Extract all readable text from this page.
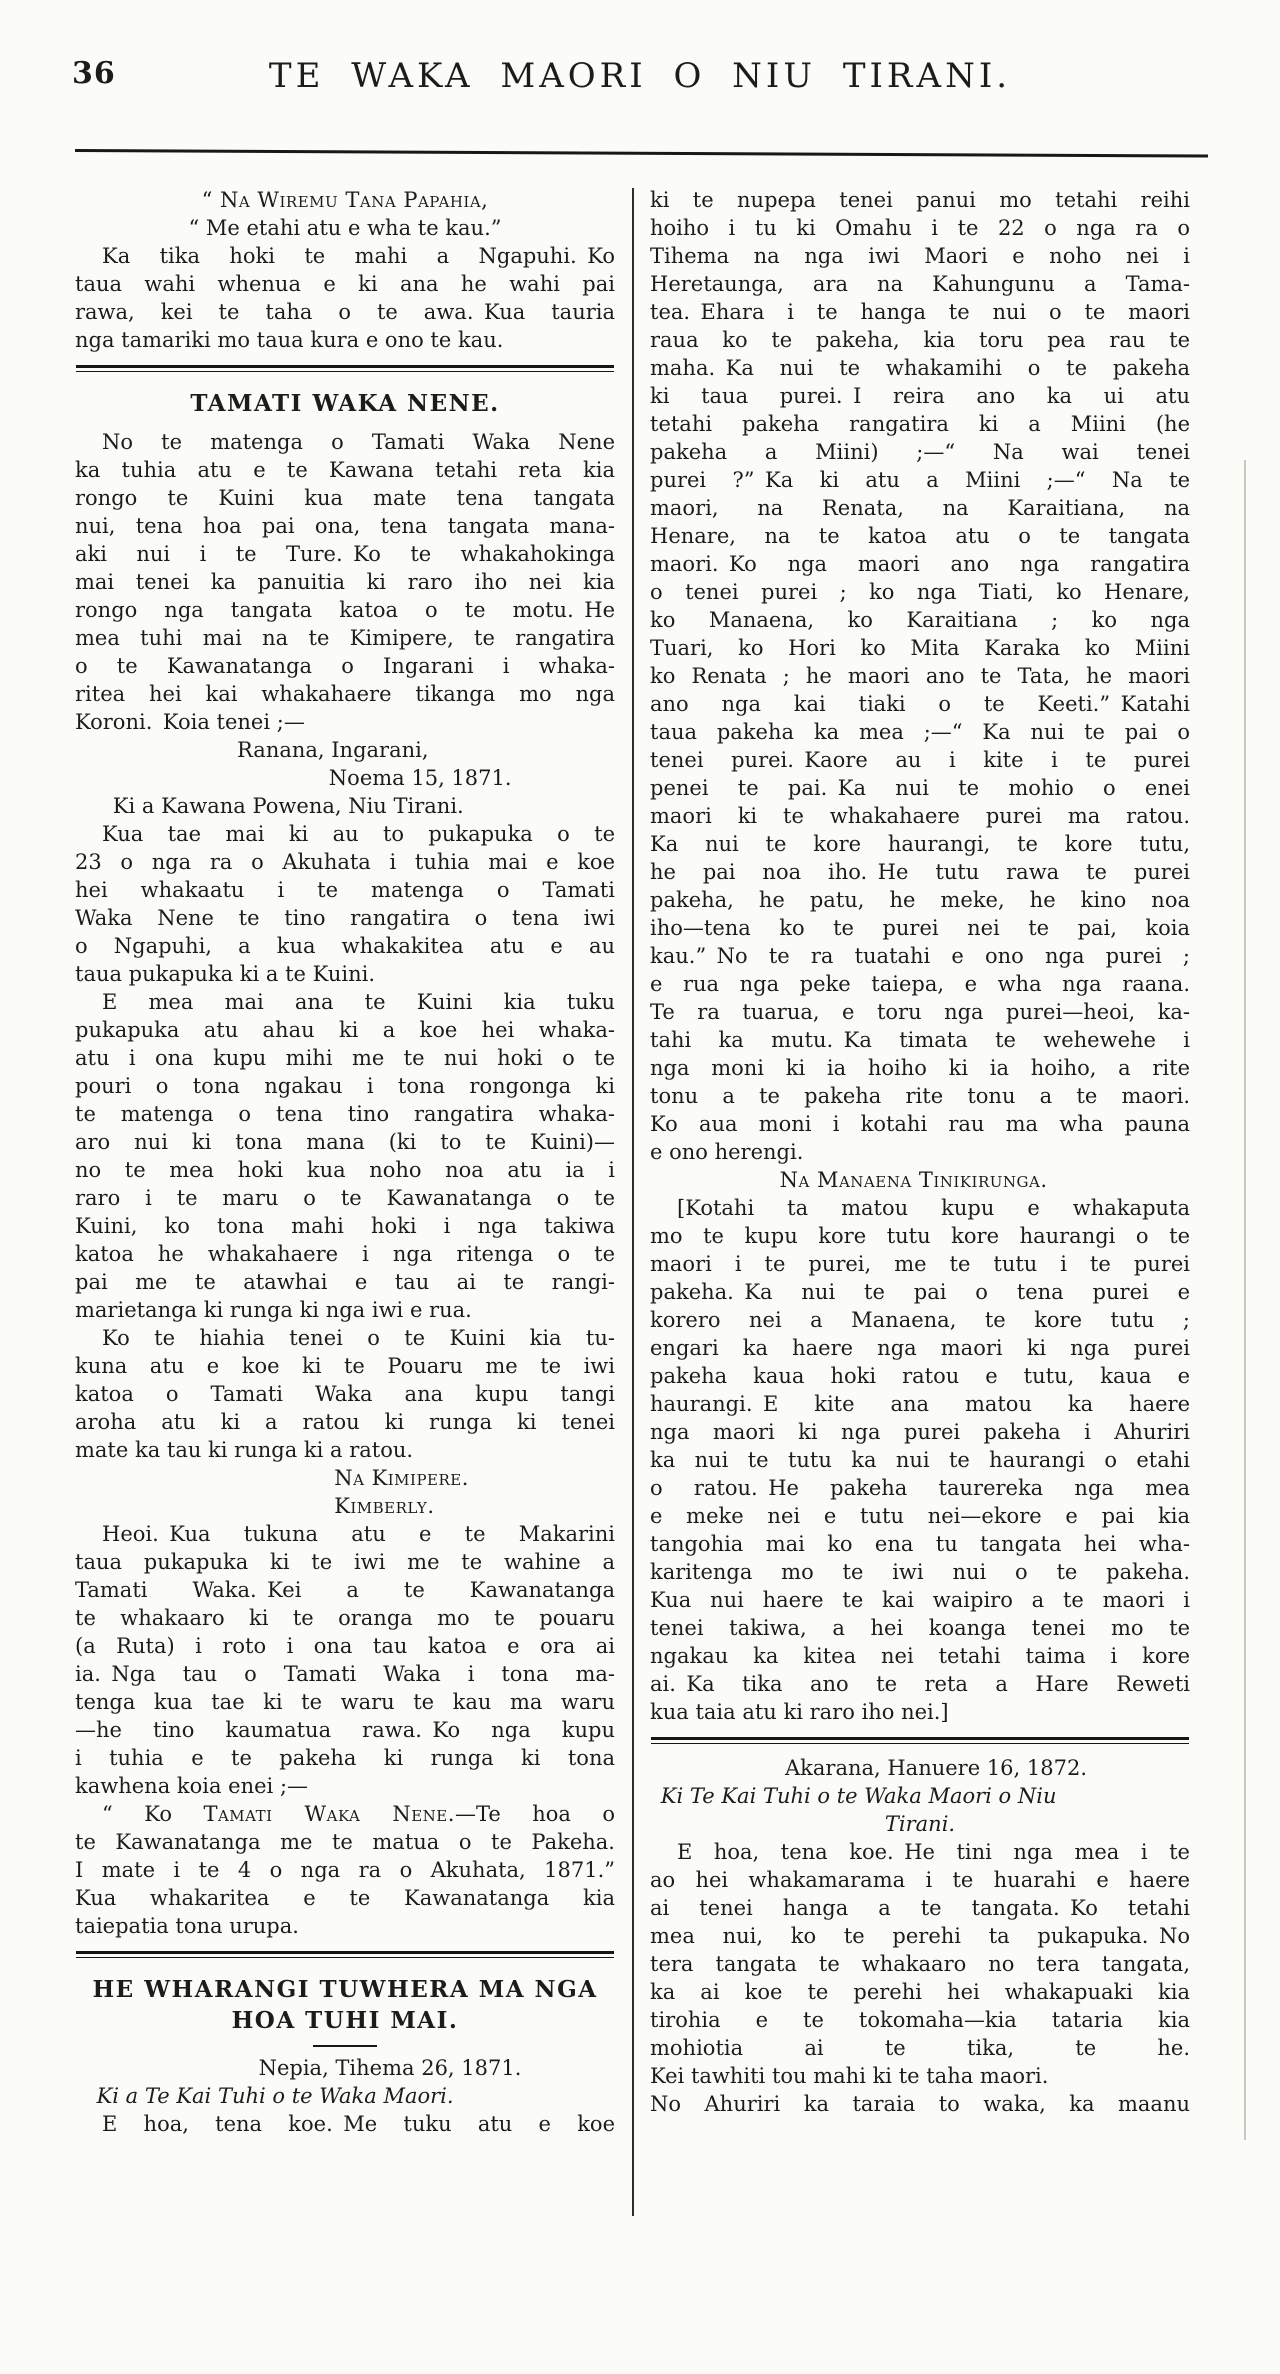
36	TE WAKA MAORI O NIU TIRANI.
“ Na Wiremu Tana Papahia,
“ Me etahi atu e wha te kau.”
Ka tika hoki te mahi a Ngapuhi. Ko
taua wahi whenua e ki ana he wahi pai
rawa, kei te taha o te awa. Kua tauria
nga tamariki mo taua kura e ono te kau.
TAMATI WAKA NENE.
No te matenga o Tamati Waka Nene
ka tuhia atu e te Kawana tetahi reta kia
rongo te Kuini kua mate tena tangata
nui, tena hoa pai ona, tena tangata mana-
aki nui i te Ture. Ko te whakahokinga
mai tenei ka panuitia ki raro iho nei kia
rongo nga tangata katoa o te motu. He
mea tuhi mai na te Kimipere, te rangatira
o te Kawanatanga o Ingarani i whaka-
ritea hei kai whakahaere tikanga mo nga
Koroni. Koia tenei ;—
Ranana, Ingarani,
Noema 15, 1871.
Ki a Kawana Powena, Niu Tirani.
Kua tae mai ki au to pukapuka o te
23 o nga ra o Akuhata i tuhia mai e koe
hei whakaatu i te matenga o Tamati
Waka Nene te tino rangatira o tena iwi
o Ngapuhi, a kua whakakitea atu e au
taua pukapuka ki a te Kuini.
E mea mai ana te Kuini kia tuku
pukapuka atu ahau ki a koe hei whaka-
atu i ona kupu mihi me te nui hoki o te
pouri o tona ngakau i tona rongonga ki
te matenga o tena tino rangatira whaka-
aro nui ki tona mana (ki to te Kuini)—
no te mea hoki kua noho noa atu ia i
raro i te maru o te Kawanatanga o te
Kuini, ko tona mahi hoki i nga takiwa
katoa he whakahaere i nga ritenga o te
pai me te atawhai e tau ai te rangi-
marietanga ki runga ki nga iwi e rua.
Ko te hiahia tenei o te Kuini kia tu-
kuna atu e koe ki te Pouaru me te iwi
katoa o Tamati Waka ana kupu tangi
aroha atu ki a ratou ki runga ki tenei
mate ka tau ki runga ki a ratou.
Na Kimipere.
Kimberly.
Heoi. Kua tukuna atu e te Makarini
taua pukapuka ki te iwi me te wahine a
Tamati Waka. Kei a te Kawanatanga
te whakaaro ki te oranga mo te pouaru
(a Ruta) i roto i ona tau katoa e ora ai
ia. Nga tau o Tamati Waka i tona ma-
tenga kua tae ki te waru te kau ma waru
—he tino kaumatua rawa. Ko nga kupu
i tuhia e te pakeha ki runga ki tona
kawhena koia enei ;—
“ Ko Tamati Waka Nene.—Te hoa o
te Kawanatanga me te matua o te Pakeha.
I mate i te 4 o nga ra o Akuhata, 1871.”
Kua whakaritea e te Kawanatanga kia
taiepatia tona urupa.
HE WHARANGI TUWHERA MA NGA
HOA TUHI MAI.
Nepia, Tihema 26, 1871.
Ki a Te Kai Tuhi o te Waka Maori.
E hoa, tena koe. Me tuku atu e koe
ki te nupepa tenei panui mo tetahi reihi
hoiho i tu ki Omahu i te 22 o nga ra o
Tihema na nga iwi Maori e noho nei i
Heretaunga, ara na Kahungunu a Tama-
tea. Ehara i te hanga te nui o te maori
raua ko te pakeha, kia toru pea rau te
maha. Ka nui te whakamihi o te pakeha
ki taua purei. I reira ano ka ui atu
tetahi pakeha rangatira ki a Miini (he
pakeha a Miini) ;—“ Na wai tenei
purei ?” Ka ki atu a Miini ;—“ Na te
maori, na Renata, na Karaitiana, na
Henare, na te katoa atu o te tangata
maori. Ko nga maori ano nga rangatira
o tenei purei ; ko nga Tiati, ko Henare,
ko Manaena, ko Karaitiana ; ko nga
Tuari, ko Hori ko Mita Karaka ko Miini
ko Renata ; he maori ano te Tata, he maori
ano nga kai tiaki o te Keeti.” Katahi
taua pakeha ka mea ;—“ Ka nui te pai o
tenei purei. Kaore au i kite i te purei
penei te pai. Ka nui te mohio o enei
maori ki te whakahaere purei ma ratou.
Ka nui te kore haurangi, te kore tutu,
he pai noa iho. He tutu rawa te purei
pakeha, he patu, he meke, he kino noa
iho—tena ko te purei nei te pai, koia
kau.” No te ra tuatahi e ono nga purei ;
e rua nga peke taiepa, e wha nga raana.
Te ra tuarua, e toru nga purei—heoi, ka-
tahi ka mutu. Ka timata te wehewehe i
nga moni ki ia hoiho ki ia hoiho, a rite
tonu a te pakeha rite tonu a te maori.
Ko aua moni i kotahi rau ma wha pauna
e ono herengi.
Na Manaena Tinikirunga.
[Kotahi ta matou kupu e whakaputa
mo te kupu kore tutu kore haurangi o te
maori i te purei, me te tutu i te purei
pakeha. Ka nui te pai o tena purei e
korero nei a Manaena, te kore tutu ;
engari ka haere nga maori ki nga purei
pakeha kaua hoki ratou e tutu, kaua e
haurangi. E kite ana matou ka haere
nga maori ki nga purei pakeha i Ahuriri
ka nui te tutu ka nui te haurangi o etahi
o ratou. He pakeha taurereka nga mea
e meke nei e tutu nei—ekore e pai kia
tangohia mai ko ena tu tangata hei wha-
karitenga mo te iwi nui o te pakeha.
Kua nui haere te kai waipiro a te maori i
tenei takiwa, a hei koanga tenei mo te
ngakau ka kitea nei tetahi taima i kore
ai. Ka tika ano te reta a Hare Reweti
kua taia atu ki raro iho nei.]
Akarana, Hanuere 16, 1872.
Ki Te Kai Tuhi o te Waka Maori o Niu
Tirani.
E hoa, tena koe. He tini nga mea i te
ao hei whakamarama i te huarahi e haere
ai tenei hanga a te tangata. Ko tetahi
mea nui, ko te perehi ta pukapuka. No
tera tangata te whakaaro no tera tangata,
ka ai koe te perehi hei whakapuaki kia
tirohia e te tokomaha—kia tataria kia
mohiotia ai te tika, te he.
Kei tawhiti tou mahi ki te taha maori.
No Ahuriri ka taraia to waka, ka maanu
